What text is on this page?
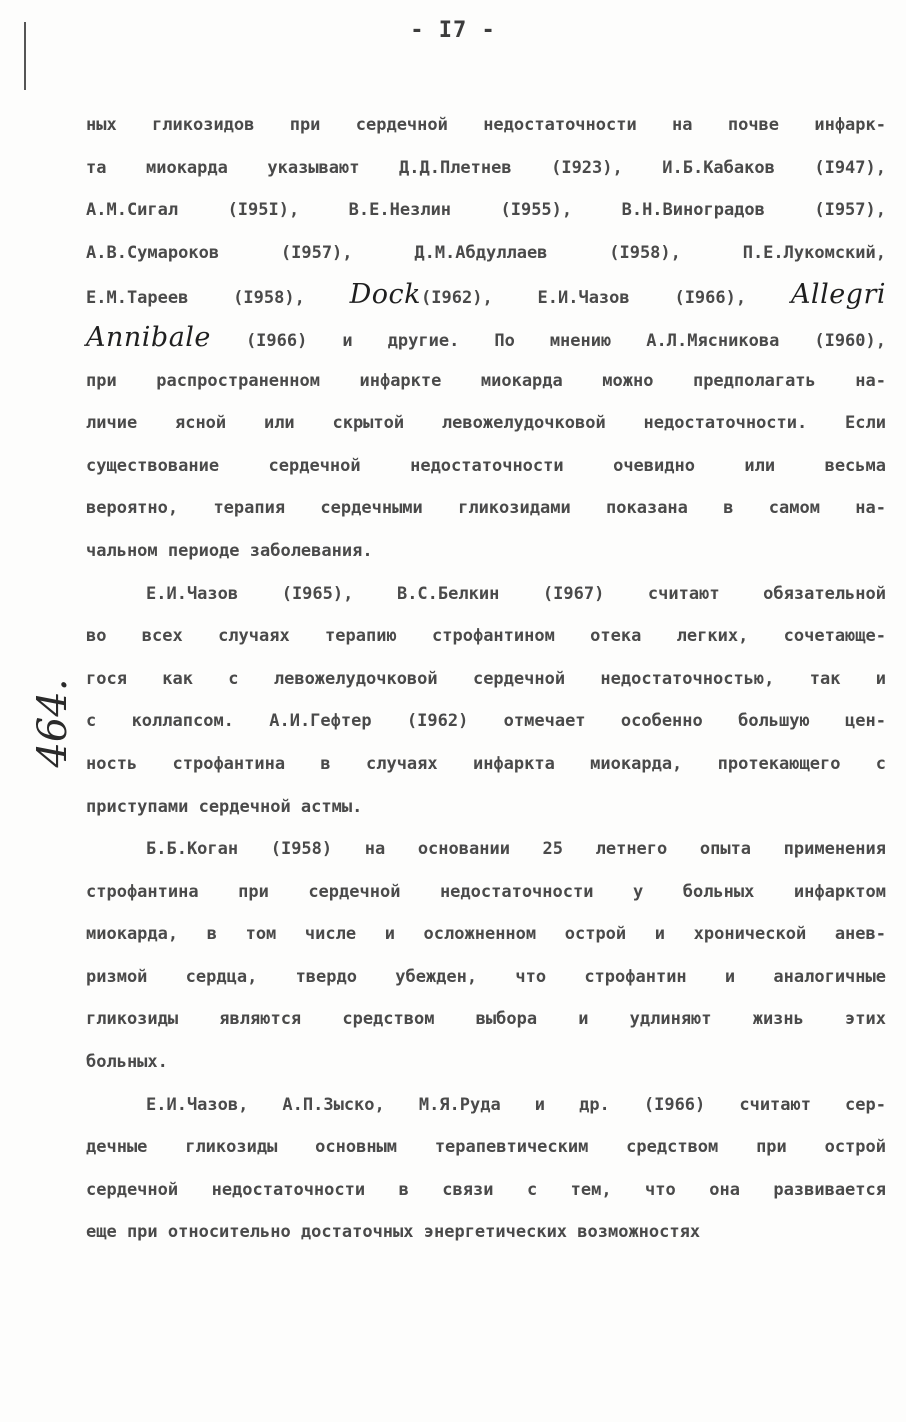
- I7 -
464.
ных гликозидов при сердечной недостаточности на почве инфарк-
та миокарда указывают Д.Д.Плетнев (I923), И.Б.Кабаков (I947),
А.М.Сигал (I95I), В.Е.Незлин (I955), В.Н.Виноградов (I957),
А.В.Сумароков (I957), Д.М.Абдуллаев (I958), П.Е.Лукомский,
Е.М.Тареев (I958), Dock(I962), Е.И.Чазов (I966), Allegri
Annibale (I966) и другие. По мнению А.Л.Мясникова (I960),
при распространенном инфаркте миокарда можно предполагать на-
личие ясной или скрытой левожелудочковой недостаточности. Если
существование сердечной недостаточности очевидно или весьма
вероятно, терапия сердечными гликозидами показана в самом на-
чальном периоде заболевания.
Е.И.Чазов (I965), В.С.Белкин (I967) считают обязательной
во всех случаях терапию строфантином отека легких, сочетающе-
гося как с левожелудочковой сердечной недостаточностью, так и
с коллапсом. А.И.Гефтер (I962) отмечает особенно большую цен-
ность строфантина в случаях инфаркта миокарда, протекающего с
приступами сердечной астмы.
Б.Б.Коган (I958) на основании 25 летнего опыта применения
строфантина при сердечной недостаточности у больных инфарктом
миокарда, в том числе и осложненном острой и хронической анев-
ризмой сердца, твердо убежден, что строфантин и аналогичные
гликозиды являются средством выбора и удлиняют жизнь этих
больных.
Е.И.Чазов, А.П.Зыско, М.Я.Руда и др. (I966) считают сер-
дечные гликозиды основным терапевтическим средством при острой
сердечной недостаточности в связи с тем, что она развивается
еще при относительно достаточных энергетических возможностях
